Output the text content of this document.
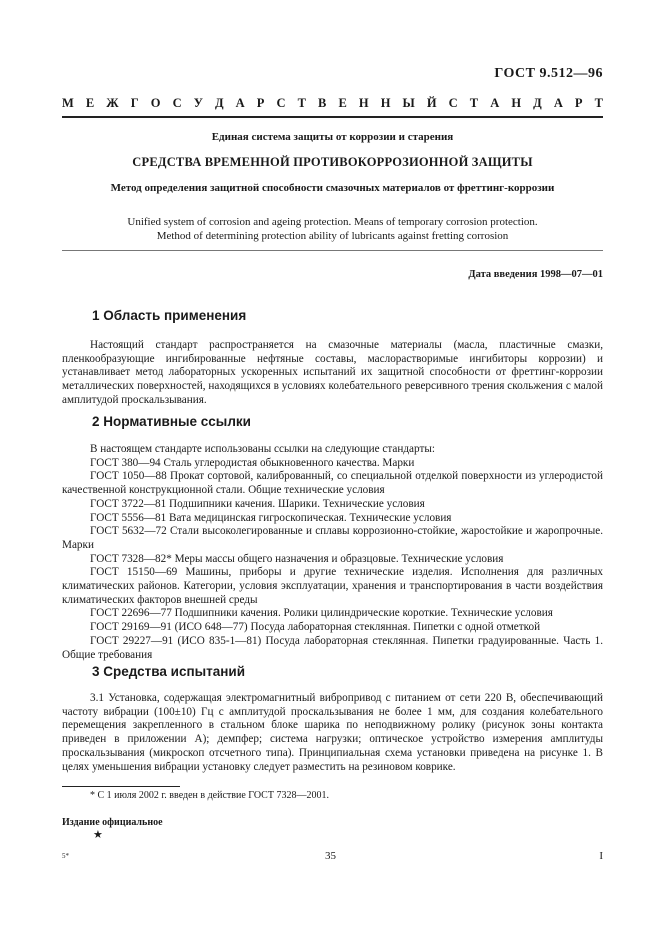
ГОСТ 9.512—96
М Е Ж Г О С У Д А Р С Т В Е Н Н Ы Й С Т А Н Д А Р Т
Единая система защиты от коррозии и старения
СРЕДСТВА ВРЕМЕННОЙ ПРОТИВОКОРРОЗИОННОЙ ЗАЩИТЫ
Метод определения защитной способности смазочных материалов от фреттинг-коррозии
Unified system of corrosion and ageing protection. Means of temporary corrosion protection.
Method of determining protection ability of lubricants against fretting corrosion
Дата введения 1998—07—01
1 Область применения

Настоящий стандарт распространяется на смазочные материалы (масла, пластичные смазки, пленкообразующие ингибированные нефтяные составы, маслорастворимые ингибиторы коррозии) и устанавливает метод лабораторных ускоренных испытаний их защитной способности от фреттинг-коррозии металлических поверхностей, находящихся в условиях колебательного реверсивного трения скольжения с малой амплитудой проскальзывания.

2 Нормативные ссылки

В настоящем стандарте использованы ссылки на следующие стандарты:

ГОСТ 380—94 Сталь углеродистая обыкновенного качества. Марки

ГОСТ 1050—88 Прокат сортовой, калиброванный, со специальной отделкой поверхности из углеродистой качественной конструкционной стали. Общие технические условия

ГОСТ 3722—81 Подшипники качения. Шарики. Технические условия

ГОСТ 5556—81 Вата медицинская гигроскопическая. Технические условия

ГОСТ 5632—72 Стали высоколегированные и сплавы коррозионно-стойкие, жаростойкие и жаропрочные. Марки

ГОСТ 7328—82* Меры массы общего назначения и образцовые. Технические условия

ГОСТ 15150—69 Машины, приборы и другие технические изделия. Исполнения для различных климатических районов. Категории, условия эксплуатации, хранения и транспортирования в части воздействия климатических факторов внешней среды

ГОСТ 22696—77 Подшипники качения. Ролики цилиндрические короткие. Технические условия

ГОСТ 29169—91 (ИСО 648—77) Посуда лабораторная стеклянная. Пипетки с одной отметкой

ГОСТ 29227—91 (ИСО 835-1—81) Посуда лабораторная стеклянная. Пипетки градуированные. Часть 1. Общие требования

3 Средства испытаний

3.1 Установка, содержащая электромагнитный вибропривод с питанием от сети 220 В, обеспечивающий частоту вибрации (100±10) Гц с амплитудой проскальзывания не более 1 мм, для создания колебательного перемещения закрепленного в стальном блоке шарика по неподвижному ролику (рисунок зоны контакта приведен в приложении А); демпфер; система нагрузки; оптическое устройство измерения амплитуды проскальзывания (микроскоп отсчетного типа). Принципиальная схема установки приведена на рисунке 1. В целях уменьшения вибрации установку следует разместить на резиновом коврике.

* С 1 июля 2002 г. введен в действие ГОСТ 7328—2001.
Издание официальное
★
5*	35	I
